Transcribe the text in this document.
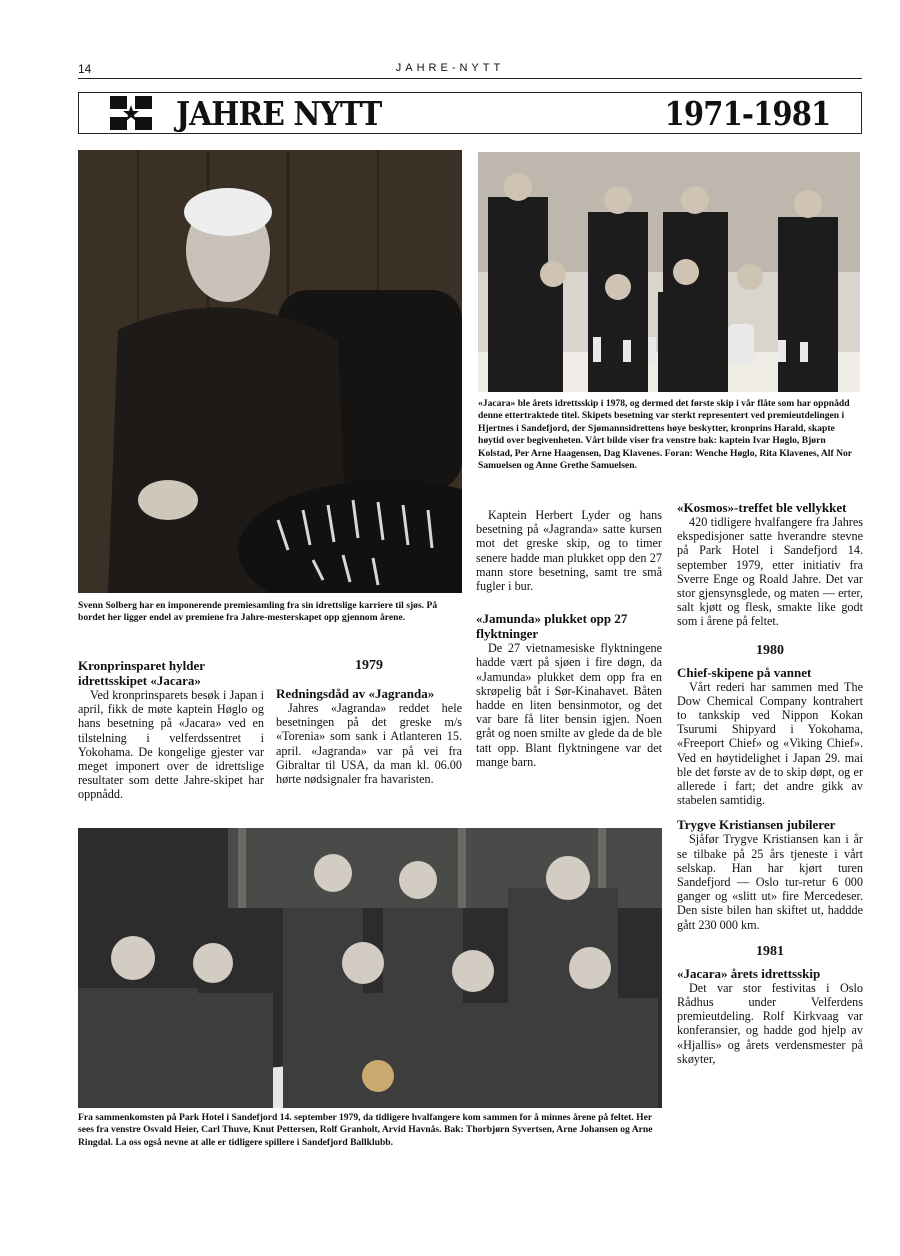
14	JAHRE-NYTT
JAHRE NYTT	1971-1981
Svenn Solberg har en imponerende premiesamling fra sin idrettslige karriere til sjøs. På bordet her ligger endel av premiene fra Jahre-mesterskapet opp gjennom årene.
«Jacara» ble årets idrettsskip i 1978, og dermed det første skip i vår flåte som har oppnådd denne ettertraktede titel. Skipets besetning var sterkt representert ved premieutdelingen i Hjertnes i Sandefjord, der Sjømannsidrettens høye beskytter, kronprins Harald, skapte høytid over begivenheten. Vårt bilde viser fra venstre bak: kaptein Ivar Høglo, Bjørn Kolstad, Per Arne Haagensen, Dag Klavenes. Foran: Wenche Høglo, Rita Klavenes, Alf Nor Samuelsen og Anne Grethe Samuelsen.
Kronprinsparet hylder idrettsskipet «Jacara»

Ved kronprinsparets besøk i Japan i april, fikk de møte kaptein Høglo og hans besetning på «Jacara» ved en tilstelning i velferdssentret i Yokohama. De kongelige gjester var meget imponert over de idrettslige resultater som dette Jahre-skipet har oppnådd.

1979
Redningsdåd av «Jagranda»

Jahres «Jagranda» reddet hele besetningen på det greske m/s «Torenia» som sank i Atlanteren 15. april. «Jagranda» var på vei fra Gibraltar til USA, da man kl. 06.00 hørte nødsignaler fra havaristen.

Kaptein Herbert Lyder og hans besetning på «Jagranda» satte kursen mot det greske skip, og to timer senere hadde man plukket opp den 27 mann store besetning, samt tre små fugler i bur.

«Jamunda» plukket opp 27 flyktninger

De 27 vietnamesiske flyktningene hadde vært på sjøen i fire døgn, da «Jamunda» plukket dem opp fra en skrøpelig båt i Sør-Kinahavet. Båten hadde en liten bensinmotor, og det var bare få liter bensin igjen. Noen gråt og noen smilte av glede da de ble tatt opp. Blant flyktningene var det mange barn.

«Kosmos»-treffet ble vellykket

420 tidligere hvalfangere fra Jahres ekspedisjoner satte hverandre stevne på Park Hotel i Sandefjord 14. september 1979, etter initiativ fra Sverre Enge og Roald Jahre. Det var stor gjensynsglede, og maten — erter, salt kjøtt og flesk, smakte like godt som i årene på feltet.

1980
Chief-skipene på vannet

Vårt rederi har sammen med The Dow Chemical Company kontrahert to tankskip ved Nippon Kokan Tsurumi Shipyard i Yokohama, «Freeport Chief» og «Viking Chief». Ved en høytidelighet i Japan 29. mai ble det første av de to skip døpt, og er allerede i fart; det andre gikk av stabelen samtidig.

Trygve Kristiansen jubilerer

Sjåfør Trygve Kristiansen kan i år se tilbake på 25 års tjeneste i vårt selskap. Han har kjørt turen Sandefjord — Oslo tur-retur 6 000 ganger og «slitt ut» fire Mercedeser. Den siste bilen han skiftet ut, haddde gått 230 000 km.

1981
«Jacara» årets idrettsskip

Det var stor festivitas i Oslo Rådhus under Velferdens premieutdeling. Rolf Kirkvaag var konferansier, og hadde god hjelp av «Hjallis» og årets verdensmester på skøyter,

Fra sammenkomsten på Park Hotel i Sandefjord 14. september 1979, da tidligere hvalfangere kom sammen for å minnes årene på feltet. Her sees fra venstre Osvald Heier, Carl Thuve, Knut Pettersen, Rolf Granholt, Arvid Havnås. Bak: Thorbjørn Syvertsen, Arne Johansen og Arne Ringdal. La oss også nevne at alle er tidligere spillere i Sandefjord Ballklubb.
